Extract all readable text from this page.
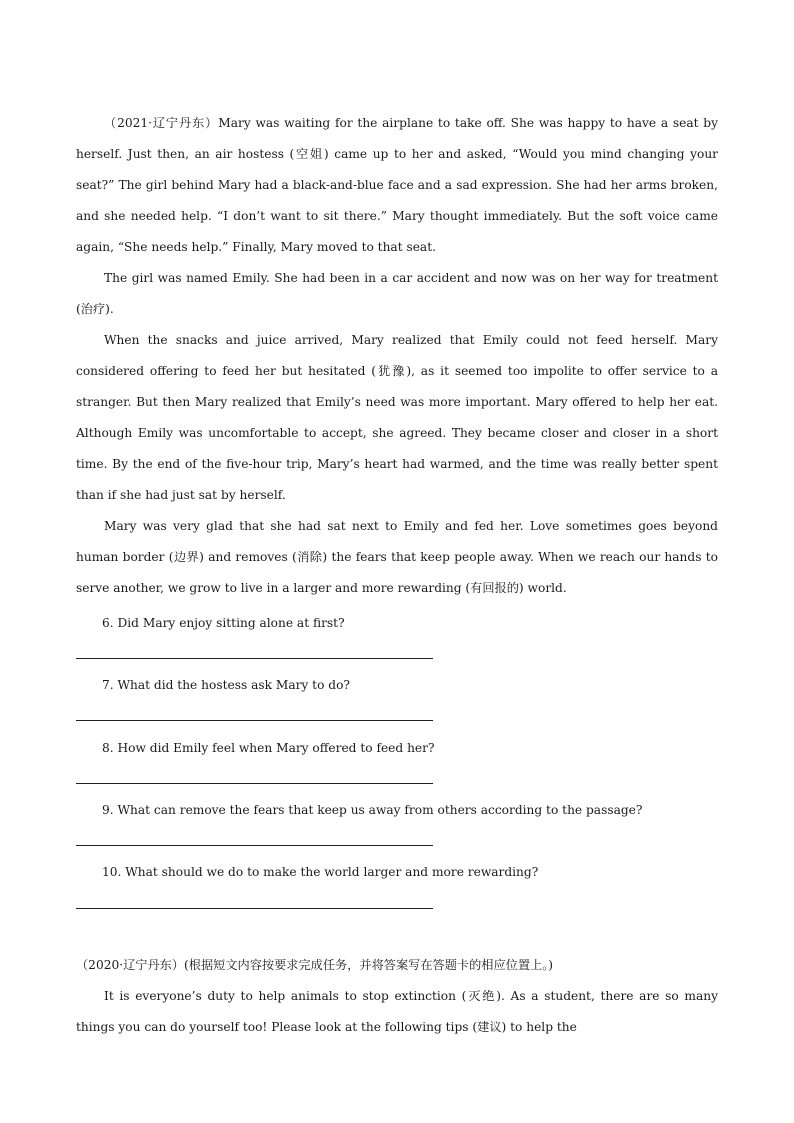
（2021·辽宁丹东）Mary was waiting for the airplane to take off. She was happy to have a seat by herself. Just then, an air hostess (空姐) came up to her and asked, “Would you mind changing your seat?” The girl behind Mary had a black-and-blue face and a sad expression. She had her arms broken, and she needed help. “I don’t want to sit there.” Mary thought immediately. But the soft voice came again, “She needs help.” Finally, Mary moved to that seat.

The girl was named Emily. She had been in a car accident and now was on her way for treatment (治疗).

When the snacks and juice arrived, Mary realized that Emily could not feed herself. Mary considered offering to feed her but hesitated (犹豫), as it seemed too impolite to offer service to a stranger. But then Mary realized that Emily’s need was more important. Mary offered to help her eat. Although Emily was uncomfortable to accept, she agreed. They became closer and closer in a short time. By the end of the five-hour trip, Mary’s heart had warmed, and the time was really better spent than if she had just sat by herself.

Mary was very glad that she had sat next to Emily and fed her. Love sometimes goes beyond human border (边界) and removes (消除) the fears that keep people away. When we reach our hands to serve another, we grow to live in a larger and more rewarding (有回报的) world.

6. Did Mary enjoy sitting alone at first?
7. What did the hostess ask Mary to do?
8. How did Emily feel when Mary offered to feed her?
9. What can remove the fears that keep us away from others according to the passage?
10. What should we do to make the world larger and more rewarding?
（2020·辽宁丹东）(根据短文内容按要求完成任务，并将答案写在答题卡的相应位置上。)

It is everyone’s duty to help animals to stop extinction (灭绝). As a student, there are so many things you can do yourself too! Please look at the following tips (建议) to help the
